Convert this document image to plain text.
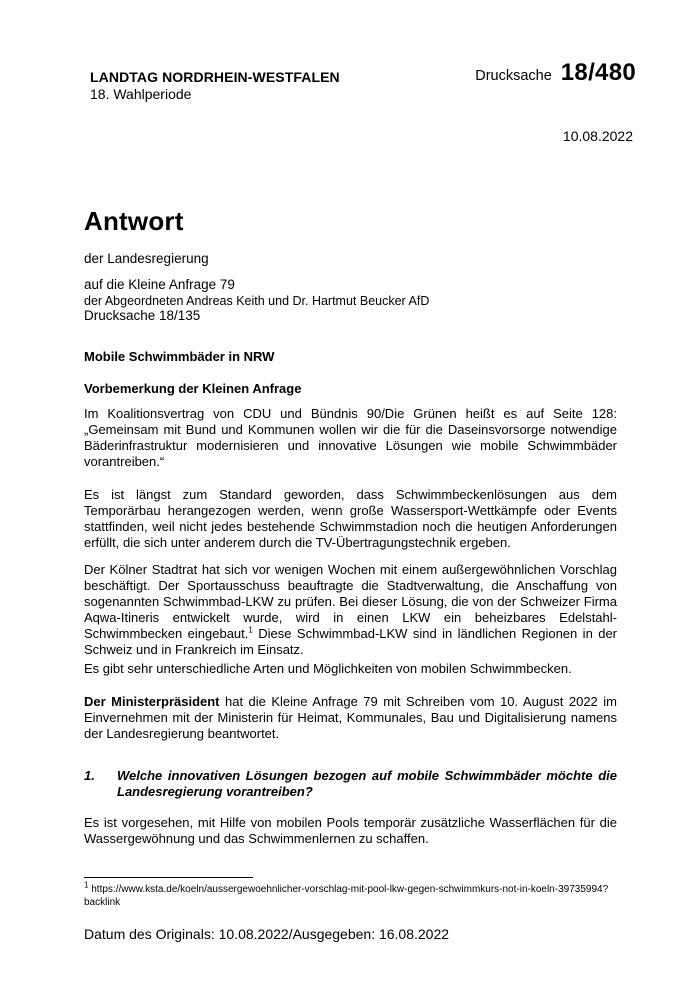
LANDTAG NORDRHEIN-WESTFALEN
18. Wahlperiode
Drucksache 18/480
10.08.2022
Antwort
der Landesregierung
auf die Kleine Anfrage 79
der Abgeordneten Andreas Keith und Dr. Hartmut Beucker AfD
Drucksache 18/135
Mobile Schwimmbäder in NRW
Vorbemerkung der Kleinen Anfrage

Im Koalitionsvertrag von CDU und Bündnis 90/Die Grünen heißt es auf Seite 128: „Gemeinsam mit Bund und Kommunen wollen wir die für die Daseinsvorsorge notwendige Bäderinfrastruktur modernisieren und innovative Lösungen wie mobile Schwimmbäder vorantreiben.“

Es ist längst zum Standard geworden, dass Schwimmbeckenlösungen aus dem Temporärbau herangezogen werden, wenn große Wassersport-Wettkämpfe oder Events stattfinden, weil nicht jedes bestehende Schwimmstadion noch die heutigen Anforderungen erfüllt, die sich unter anderem durch die TV-Übertragungstechnik ergeben.

Der Kölner Stadtrat hat sich vor wenigen Wochen mit einem außergewöhnlichen Vorschlag beschäftigt. Der Sportausschuss beauftragte die Stadtverwaltung, die Anschaffung von sogenannten Schwimmbad-LKW zu prüfen. Bei dieser Lösung, die von der Schweizer Firma Aqwa-Itineris entwickelt wurde, wird in einen LKW ein beheizbares Edelstahl-Schwimmbecken eingebaut.$^1$ Diese Schwimmbad-LKW sind in ländlichen Regionen in der Schweiz und in Frankreich im Einsatz.

Es gibt sehr unterschiedliche Arten und Möglichkeiten von mobilen Schwimmbecken.

Der Ministerpräsident hat die Kleine Anfrage 79 mit Schreiben vom 10. August 2022 im Einvernehmen mit der Ministerin für Heimat, Kommunales, Bau und Digitalisierung namens der Landesregierung beantwortet.

1.	Welche innovativen Lösungen bezogen auf mobile Schwimmbäder möchte die Landesregierung vorantreiben?

Es ist vorgesehen, mit Hilfe von mobilen Pools temporär zusätzliche Wasserflächen für die Wassergewöhnung und das Schwimmenlernen zu schaffen.

$^1$ https://www.ksta.de/koeln/aussergewoehnlicher-vorschlag-mit-pool-lkw-gegen-schwimmkurs-not-in-koeln-39735994?backlink
Datum des Originals: 10.08.2022/Ausgegeben: 16.08.2022
